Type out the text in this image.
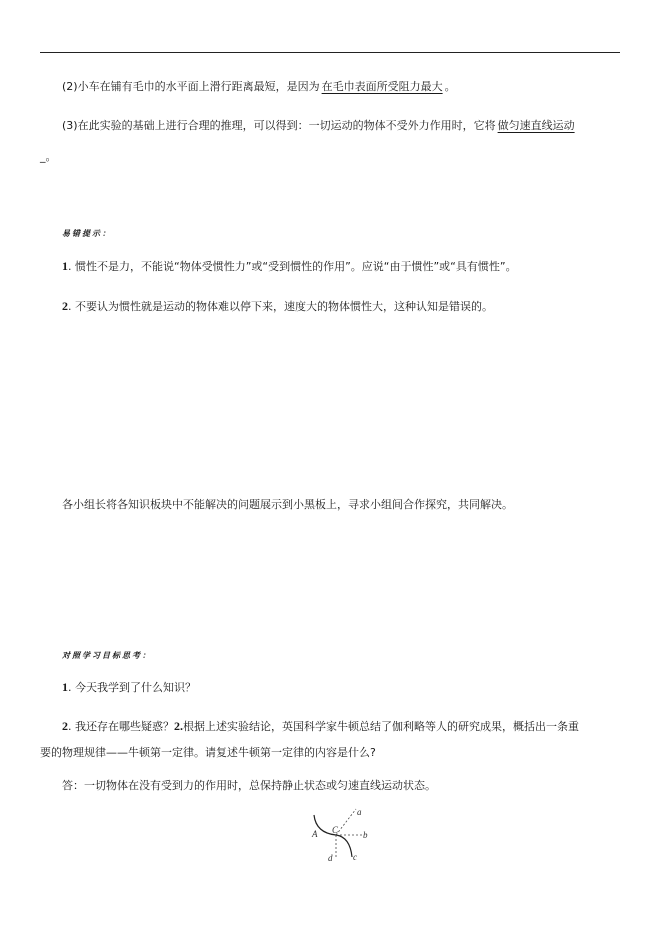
(2)小车在铺有毛巾的水平面上滑行距离最短，是因为 在毛巾表面所受阻力最大 。
(3)在此实验的基础上进行合理的推理，可以得到：一切运动的物体不受外力作用时，它将 做匀速直线运动
_。
易错提示：
1. 惯性不是力，不能说“物体受惯性力”或“受到惯性的作用”。应说“由于惯性”或“具有惯性”。
2. 不要认为惯性就是运动的物体难以停下来，速度大的物体惯性大，这种认知是错误的。
各小组长将各知识板块中不能解决的问题展示到小黑板上，寻求小组间合作探究，共同解决。
对照学习目标思考：
1. 今天我学到了什么知识？
2. 我还存在哪些疑惑？2.根据上述实验结论，英国科学家牛顿总结了伽利略等人的研究成果，概括出一条重
要的物理规律——牛顿第一定律。请复述牛顿第一定律的内容是什么?
答：一切物体在没有受到力的作用时，总保持静止状态或匀速直线运动状态。
a
b
c
d
A C
